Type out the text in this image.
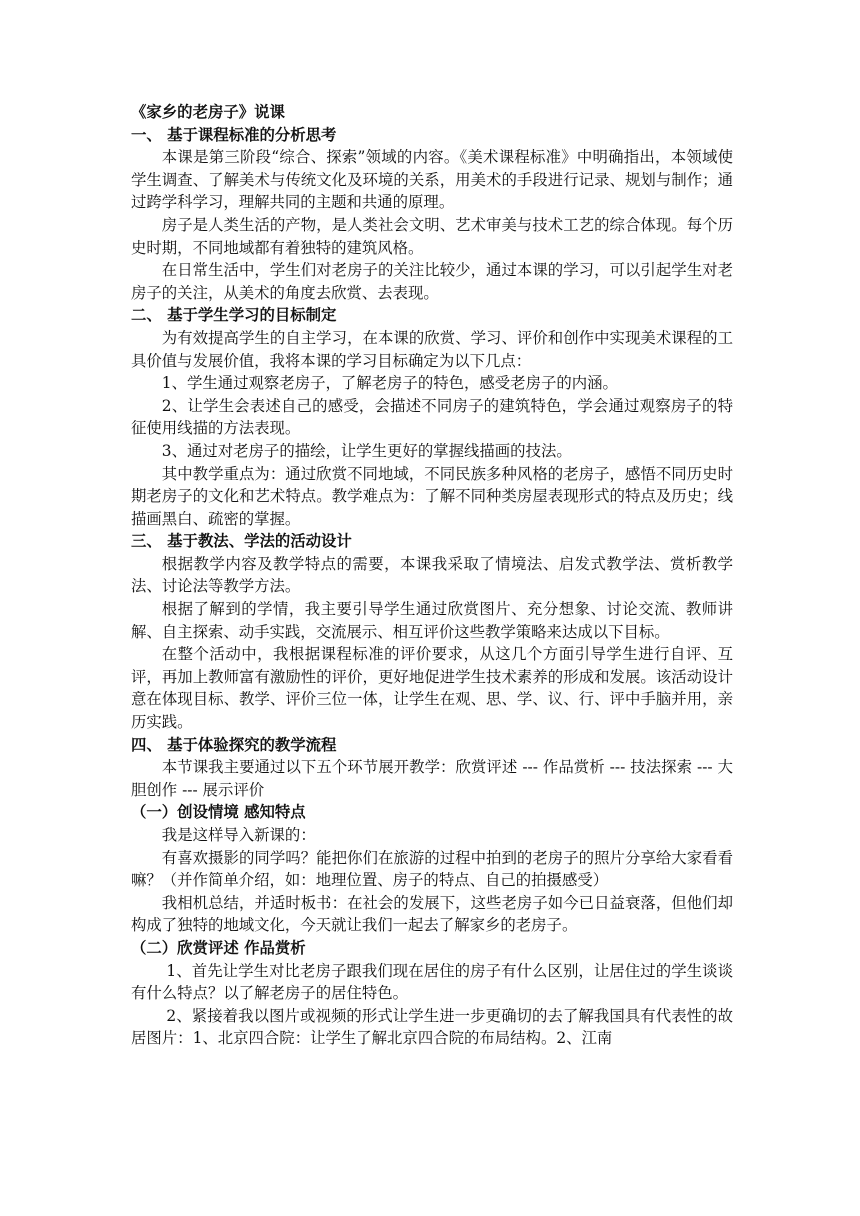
《家乡的老房子》说课

一、 基于课程标准的分析思考

本课是第三阶段“综合、探索”领域的内容。《美术课程标准》中明确指出，本领域使学生调查、了解美术与传统文化及环境的关系，用美术的手段进行记录、规划与制作；通过跨学科学习，理解共同的主题和共通的原理。

房子是人类生活的产物，是人类社会文明、艺术审美与技术工艺的综合体现。每个历史时期，不同地域都有着独特的建筑风格。

在日常生活中，学生们对老房子的关注比较少，通过本课的学习，可以引起学生对老房子的关注，从美术的角度去欣赏、去表现。

二、 基于学生学习的目标制定

为有效提高学生的自主学习，在本课的欣赏、学习、评价和创作中实现美术课程的工具价值与发展价值，我将本课的学习目标确定为以下几点：

1、学生通过观察老房子，了解老房子的特色，感受老房子的内涵。

2、让学生会表述自己的感受，会描述不同房子的建筑特色，学会通过观察房子的特征使用线描的方法表现。

3、通过对老房子的描绘，让学生更好的掌握线描画的技法。

其中教学重点为：通过欣赏不同地域，不同民族多种风格的老房子，感悟不同历史时期老房子的文化和艺术特点。教学难点为：了解不同种类房屋表现形式的特点及历史；线描画黑白、疏密的掌握。

三、 基于教法、学法的活动设计

根据教学内容及教学特点的需要，本课我采取了情境法、启发式教学法、赏析教学法、讨论法等教学方法。

根据了解到的学情，我主要引导学生通过欣赏图片、充分想象、讨论交流、教师讲解、自主探索、动手实践，交流展示、相互评价这些教学策略来达成以下目标。

在整个活动中，我根据课程标准的评价要求，从这几个方面引导学生进行自评、互评，再加上教师富有激励性的评价，更好地促进学生技术素养的形成和发展。该活动设计意在体现目标、教学、评价三位一体，让学生在观、思、学、议、行、评中手脑并用，亲历实践。

四、 基于体验探究的教学流程

本节课我主要通过以下五个环节展开教学：欣赏评述 --- 作品赏析 --- 技法探索 --- 大胆创作 --- 展示评价

（一）创设情境 感知特点

我是这样导入新课的：

有喜欢摄影的同学吗？能把你们在旅游的过程中拍到的老房子的照片分享给大家看看嘛？（并作简单介绍，如：地理位置、房子的特点、自己的拍摄感受）

我相机总结，并适时板书：在社会的发展下，这些老房子如今已日益衰落，但他们却构成了独特的地域文化，今天就让我们一起去了解家乡的老房子。

（二）欣赏评述 作品赏析

1、首先让学生对比老房子跟我们现在居住的房子有什么区别，让居住过的学生谈谈有什么特点？以了解老房子的居住特色。

2、紧接着我以图片或视频的形式让学生进一步更确切的去了解我国具有代表性的故居图片：1、北京四合院：让学生了解北京四合院的布局结构。2、江南
